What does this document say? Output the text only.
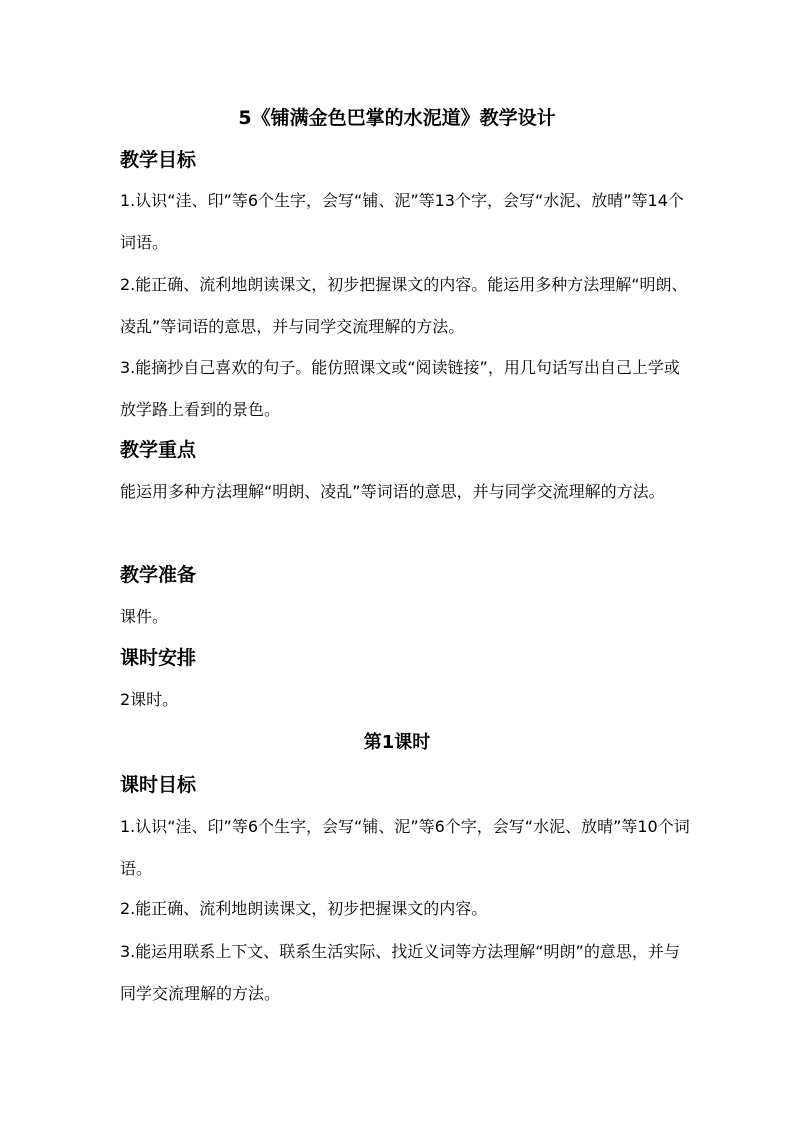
5《铺满金色巴掌的水泥道》教学设计
教学目标
1.认识“洼、印”等6个生字，会写“铺、泥”等13个字，会写“水泥、放晴”等14个词语。
2.能正确、流利地朗读课文，初步把握课文的内容。能运用多种方法理解“明朗、凌乱”等词语的意思，并与同学交流理解的方法。
3.能摘抄自己喜欢的句子。能仿照课文或“阅读链接”，用几句话写出自己上学或放学路上看到的景色。
教学重点
能运用多种方法理解“明朗、凌乱”等词语的意思，并与同学交流理解的方法。
教学准备
课件。
课时安排
2课时。
第1课时
课时目标
1.认识“洼、印”等6个生字，会写“铺、泥”等6个字，会写“水泥、放晴”等10个词语。
2.能正确、流利地朗读课文，初步把握课文的内容。
3.能运用联系上下文、联系生活实际、找近义词等方法理解“明朗”的意思，并与同学交流理解的方法。
